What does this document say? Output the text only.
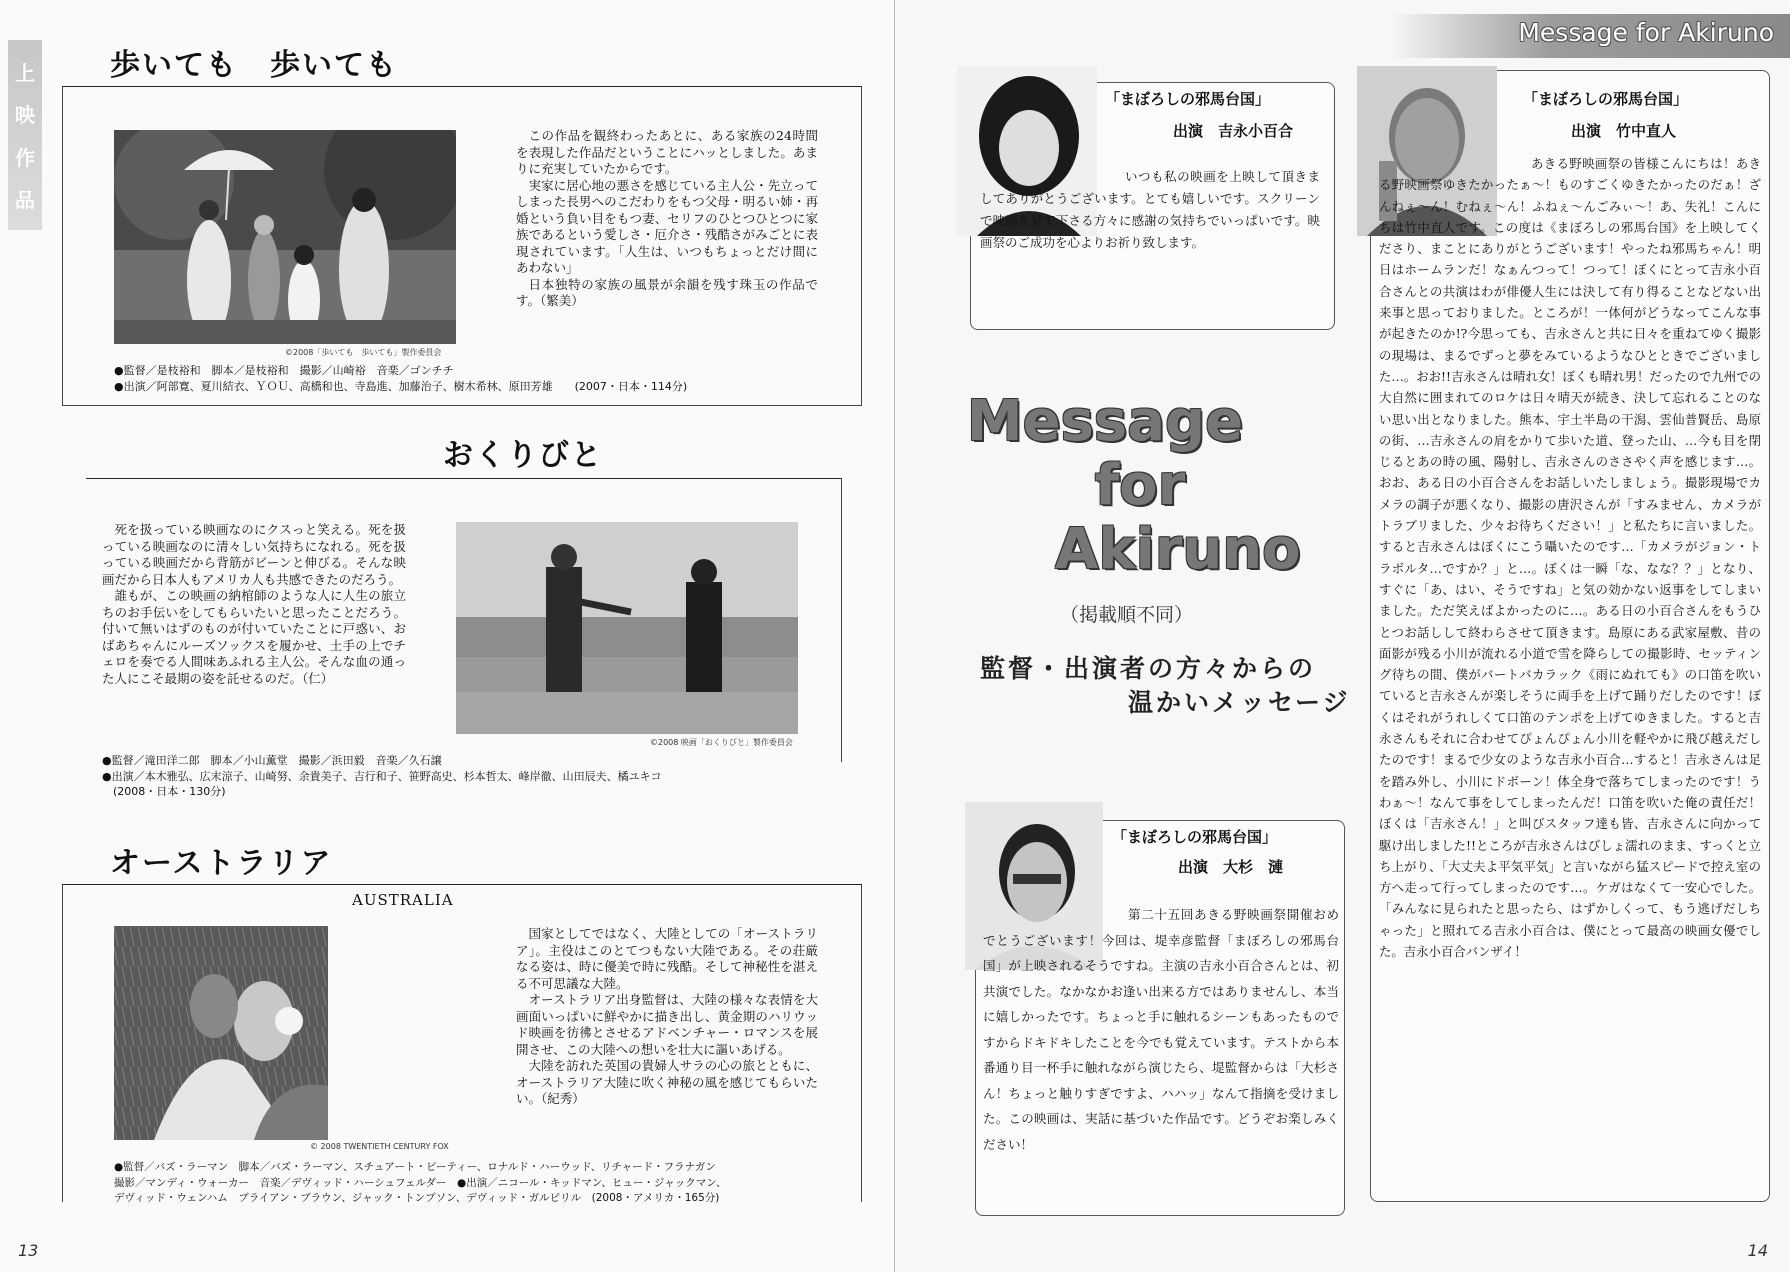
上
映
作
品
歩いても　歩いても
©2008「歩いても　歩いても」製作委員会

この作品を観終わったあとに、ある家族の24時間を表現した作品だということにハッとしました。あまりに充実していたからです。

実家に居心地の悪さを感じている主人公・先立ってしまった長男へのこだわりをもつ父母・明るい姉・再婚という負い目をもつ妻、セリフのひとつひとつに家族であるという愛しさ・厄介さ・残酷さがみごとに表現されています。「人生は、いつもちょっとだけ間にあわない」

日本独特の家族の風景が余韻を残す珠玉の作品です。（繁美）

●監督／是枝裕和　脚本／是枝裕和　撮影／山崎裕　音楽／ゴンチチ
●出演／阿部寛、夏川結衣、ＹＯＵ、高橋和也、寺島進、加藤治子、樹木希林、原田芳雄　　(2007・日本・114分)
おくりびと
©2008 映画「おくりびと」製作委員会

死を扱っている映画なのにクスっと笑える。死を扱っている映画なのに清々しい気持ちになれる。死を扱っている映画だから背筋がビーンと伸びる。そんな映画だから日本人もアメリカ人も共感できたのだろう。

誰もが、この映画の納棺師のような人に人生の旅立ちのお手伝いをしてもらいたいと思ったことだろう。付いて無いはずのものが付いていたことに戸惑い、おばあちゃんにルーズソックスを履かせ、土手の上でチェロを奏でる人間味あふれる主人公。そんな血の通った人にこそ最期の姿を託せるのだ。（仁）

●監督／滝田洋二郎　脚本／小山薫堂　撮影／浜田毅　音楽／久石譲
●出演／本木雅弘、広末涼子、山崎努、余貴美子、吉行和子、笹野高史、杉本哲太、峰岸徹、山田辰夫、橘ユキコ
　(2008・日本・130分)
オーストラリア
AUSTRALIA
© 2008 TWENTIETH CENTURY FOX

国家としてではなく、大陸としての「オーストラリア」。主役はこのとてつもない大陸である。その荘厳なる姿は、時に優美で時に残酷。そして神秘性を湛える不可思議な大陸。

オーストラリア出身監督は、大陸の様々な表情を大画面いっぱいに鮮やかに描き出し、黄金期のハリウッド映画を彷彿とさせるアドベンチャー・ロマンスを展開させ、この大陸への想いを壮大に謳いあげる。

大陸を訪れた英国の貴婦人サラの心の旅とともに、オーストラリア大陸に吹く神秘の風を感じてもらいたい。（紀秀）

●監督／バズ・ラーマン　脚本／バズ・ラーマン、スチュアート・ビーティー、ロナルド・ハーウッド、リチャード・フラナガン
撮影／マンディ・ウォーカー　音楽／デヴィッド・ハーシュフェルダー　●出演／ニコール・キッドマン、ヒュー・ジャックマン、
デヴィッド・ウェンハム　ブライアン・ブラウン、ジャック・トンプソン、デヴィッド・ガルピリル　(2008・アメリカ・165分)
13
Message for Akiruno
「まぼろしの邪馬台国」
出演　吉永小百合

いつも私の映画を上映して頂きましてありがとうございます。とても嬉しいです。スクリーンで映画を見て下さる方々に感謝の気持ちでいっぱいです。映画祭のご成功を心よりお祈り致します。

「まぼろしの邪馬台国」
出演　竹中直人

あきる野映画祭の皆様こんにちは！あきる野映画祭ゆきたかったぁ～！ものすごくゆきたかったのだぁ！ざんねぇ～ん！むねぇ～ん！ふねぇ～んごみぃ～！あ、失礼！こんにちは竹中直人です。この度は《まぼろしの邪馬台国》を上映してくださり、まことにありがとうございます！やったね邪馬ちゃん！明日はホームランだ！なぁんつって！つって！ぼくにとって吉永小百合さんとの共演はわが俳優人生には決して有り得ることなどない出来事と思っておりました。ところが！一体何がどうなってこんな事が起きたのか!?今思っても、吉永さんと共に日々を重ねてゆく撮影の現場は、まるでずっと夢をみているようなひとときでございました…。おお!!吉永さんは晴れ女！ぼくも晴れ男！だったので九州での大自然に囲まれてのロケは日々晴天が続き、決して忘れることのない思い出となりました。熊本、宇土半島の干潟、雲仙普賢岳、島原の街、…吉永さんの肩をかりて歩いた道、登った山、…今も目を閉じるとあの時の風、陽射し、吉永さんのささやく声を感じます…。おお、ある日の小百合さんをお話しいたしましょう。撮影現場でカメラの調子が悪くなり、撮影の唐沢さんが「すみません、カメラがトラブリました、少々お待ちください！」と私たちに言いました。すると吉永さんはぼくにこう囁いたのです…「カメラがジョン・トラボルタ…ですか？」と…。ぼくは一瞬「な、なな？？」となり、すぐに「あ、はい、そうですね」と気の効かない返事をしてしまいました。ただ笑えばよかったのに…。ある日の小百合さんをもうひとつお話しして終わらさせて頂きます。島原にある武家屋敷、昔の面影が残る小川が流れる小道で雪を降らしての撮影時、セッティング待ちの間、僕がバートバカラック《雨にぬれても》の口笛を吹いていると吉永さんが楽しそうに両手を上げて踊りだしたのです！ぼくはそれがうれしくて口笛のテンポを上げてゆきました。すると吉永さんもそれに合わせてぴょんぴょん小川を軽やかに飛び越えだしたのです！まるで少女のような吉永小百合…すると！吉永さんは足を踏み外し、小川にドボーン！体全身で落ちてしまったのです！うわぁ～！なんて事をしてしまったんだ！口笛を吹いた俺の責任だ！ぼくは「吉永さん！」と叫びスタッフ達も皆、吉永さんに向かって駆け出しました!!ところが吉永さんはびしょ濡れのまま、すっくと立ち上がり、「大丈夫よ平気平気」と言いながら猛スピードで控え室の方へ走って行ってしまったのです…。ケガはなくて一安心でした。「みんなに見られたと思ったら、はずかしくって、もう逃げだしちゃった」と照れてる吉永小百合は、僕にとって最高の映画女優でした。吉永小百合バンザイ！

Message
for
Akiruno
（掲載順不同）
監督・出演者の方々からの
温かいメッセージ
「まぼろしの邪馬台国」
出演　大杉　漣

第二十五回あきる野映画祭開催おめでとうございます！今回は、堤幸彦監督「まぼろしの邪馬台国」が上映されるそうですね。主演の吉永小百合さんとは、初共演でした。なかなかお逢い出来る方ではありませんし、本当に嬉しかったです。ちょっと手に触れるシーンもあったものですからドキドキしたことを今でも覚えています。テストから本番通り目一杯手に触れながら演じたら、堤監督からは「大杉さん！ちょっと触りすぎですよ、ハハッ」なんて指摘を受けました。この映画は、実話に基づいた作品です。どうぞお楽しみください！

14
